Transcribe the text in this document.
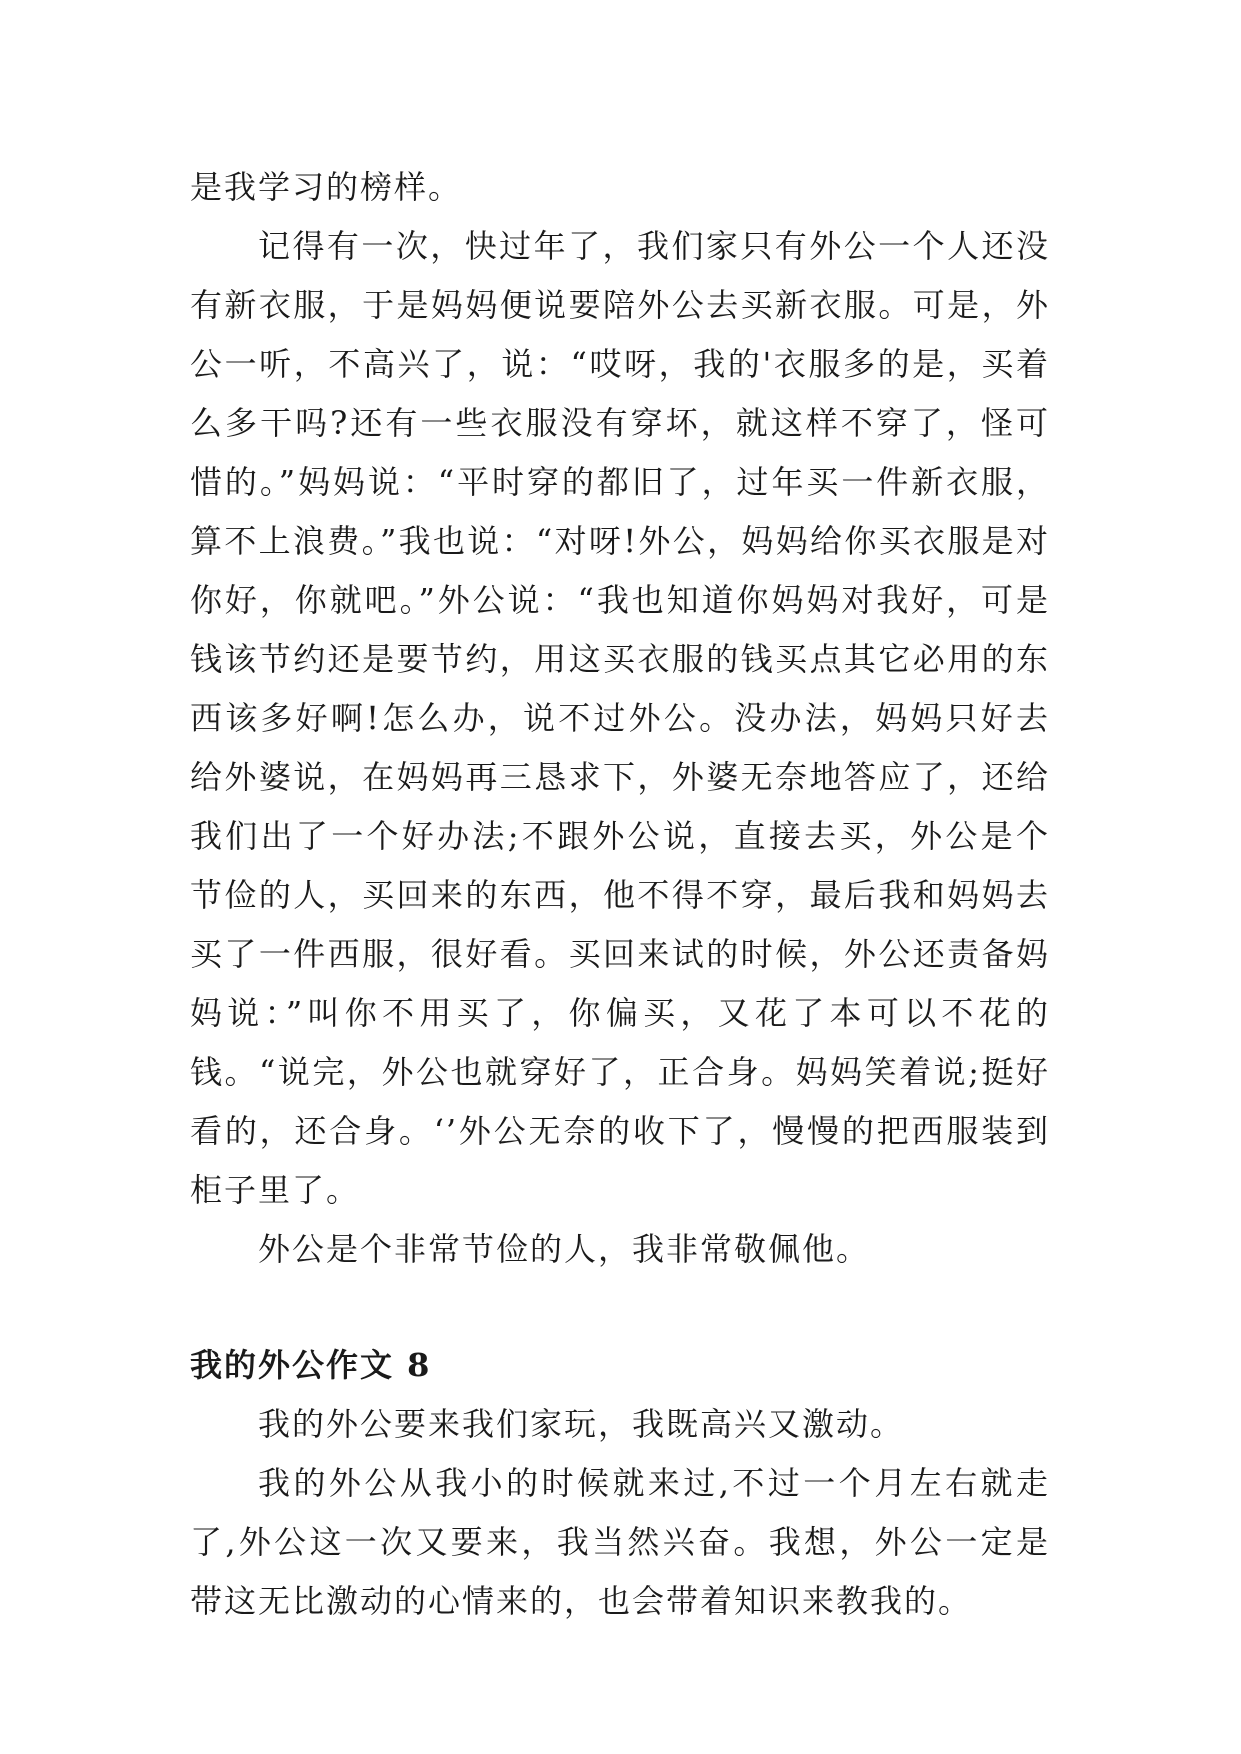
是我学习的榜样。

记得有一次，快过年了，我们家只有外公一个人还没有新衣服，于是妈妈便说要陪外公去买新衣服。可是，外公一听，不高兴了，说：“哎呀，我的'衣服多的是，买着么多干吗?还有一些衣服没有穿坏，就这样不穿了，怪可惜的。”妈妈说：“平时穿的都旧了，过年买一件新衣服，算不上浪费。”我也说：“对呀!外公，妈妈给你买衣服是对你好，你就吧。”外公说：“我也知道你妈妈对我好，可是钱该节约还是要节约，用这买衣服的钱买点其它必用的东西该多好啊!怎么办，说不过外公。没办法，妈妈只好去给外婆说，在妈妈再三恳求下，外婆无奈地答应了，还给我们出了一个好办法;不跟外公说，直接去买，外公是个节俭的人，买回来的东西，他不得不穿，最后我和妈妈去买了一件西服，很好看。买回来试的时候，外公还责备妈妈说：”叫你不用买了，你偏买，又花了本可以不花的钱。“说完，外公也就穿好了，正合身。妈妈笑着说;挺好看的，还合身。‘’外公无奈的收下了，慢慢的把西服装到柜子里了。

外公是个非常节俭的人，我非常敬佩他。

我的外公作文 8

我的外公要来我们家玩，我既高兴又激动。

我的外公从我小的时候就来过,不过一个月左右就走了,外公这一次又要来，我当然兴奋。我想，外公一定是带这无比激动的心情来的，也会带着知识来教我的。
